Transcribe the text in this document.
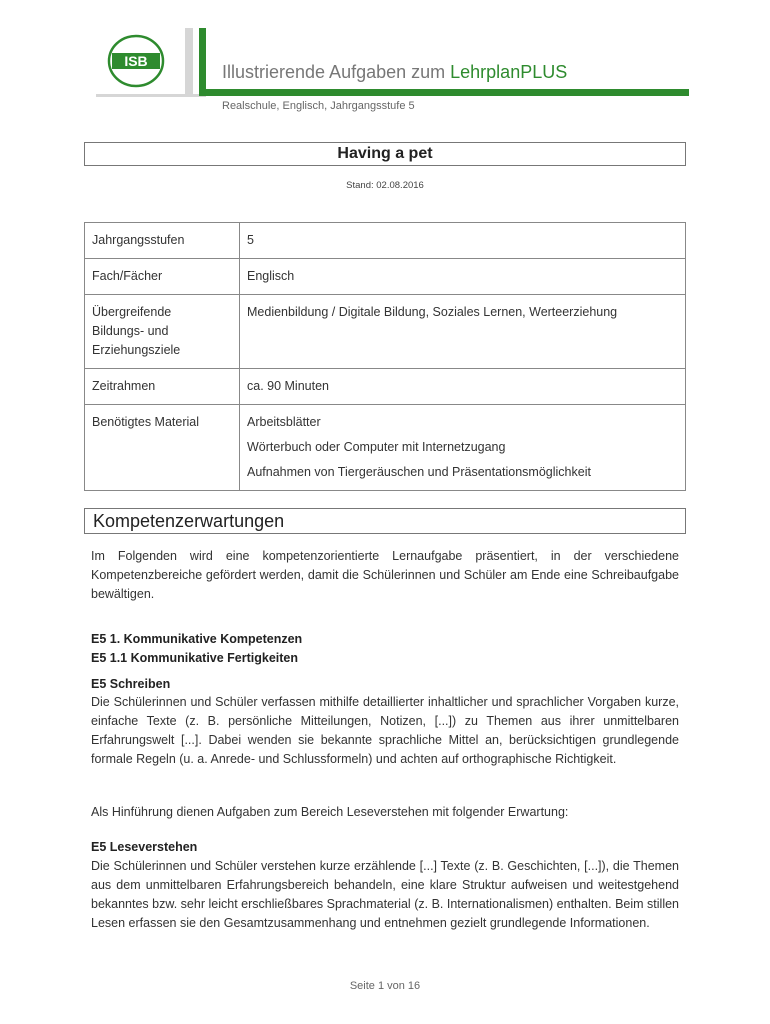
ISB
Illustrierende Aufgaben zum LehrplanPLUS
Realschule, Englisch, Jahrgangsstufe 5
Having a pet
Stand: 02.08.2016
Jahrgangsstufen	5

Fach/Fächer	Englisch

Übergreifende
Bildungs- und
Erziehungsziele	Medienbildung / Digitale Bildung, Soziales Lernen, Werteerziehung

Zeitrahmen	ca. 90 Minuten

Benötigtes Material	Arbeitsblätter

Wörterbuch oder Computer mit Internetzugang

Aufnahmen von Tiergeräuschen und Präsentationsmöglichkeit

Kompetenzerwartungen
Im Folgenden wird eine kompetenzorientierte Lernaufgabe präsentiert, in der verschiedene Kompetenzbereiche gefördert werden, damit die Schülerinnen und Schüler am Ende eine Schreibaufgabe bewältigen.
E5 1. Kommunikative Kompetenzen
E5 1.1 Kommunikative Fertigkeiten
E5 Schreiben
Die Schülerinnen und Schüler verfassen mithilfe detaillierter inhaltlicher und sprachlicher Vorgaben kurze, einfache Texte (z. B. persönliche Mitteilungen, Notizen, [...]) zu Themen aus ihrer unmittelbaren Erfahrungswelt [...]. Dabei wenden sie bekannte sprachliche Mittel an, berücksichtigen grundlegende formale Regeln (u. a. Anrede- und Schlussformeln) und achten auf orthographische Richtigkeit.
Als Hinführung dienen Aufgaben zum Bereich Leseverstehen mit folgender Erwartung:
E5 Leseverstehen
Die Schülerinnen und Schüler verstehen kurze erzählende [...] Texte (z. B. Geschichten, [...]), die Themen aus dem unmittelbaren Erfahrungsbereich behandeln, eine klare Struktur aufweisen und weitestgehend bekanntes bzw. sehr leicht erschließbares Sprachmaterial (z. B. Internationalismen) enthalten. Beim stillen Lesen erfassen sie den Gesamtzusammenhang und entnehmen gezielt grundlegende Informationen.
Seite 1 von 16
